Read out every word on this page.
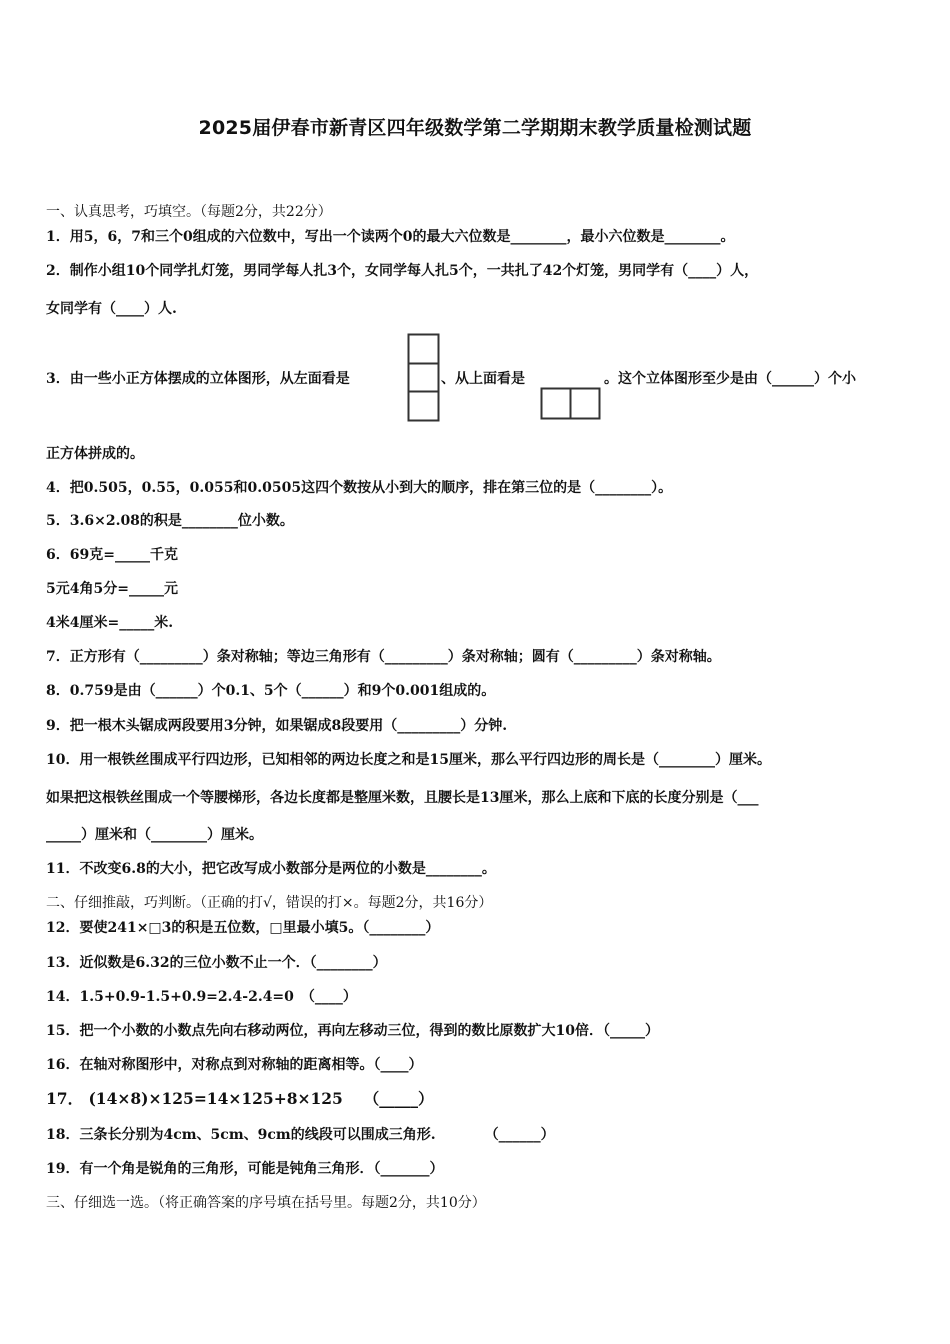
2025届伊春市新青区四年级数学第二学期期末教学质量检测试题
一、认真思考，巧填空。（每题2分，共22分）
1．用5，6，7和三个0组成的六位数中，写出一个读两个0的最大六位数是________，最小六位数是________。
2．制作小组10个同学扎灯笼，男同学每人扎3个，女同学每人扎5个，一共扎了42个灯笼，男同学有（____）人，
女同学有（____）人.
3．由一些小正方体摆成的立体图形，从左面看是	、从上面看是	。这个立体图形至少是由（______）个小
正方体拼成的。
4．把0.505，0.55，0.055和0.0505这四个数按从小到大的顺序，排在第三位的是（________）。
5．3.6×2.08的积是________位小数。
6．69克=_____千克
5元4角5分=_____元
4米4厘米=_____米.
7．正方形有（_________）条对称轴；等边三角形有（_________）条对称轴；圆有（_________）条对称轴。
8．0.759是由（______）个0.1、5个（______）和9个0.001组成的。
9．把一根木头锯成两段要用3分钟，如果锯成8段要用（_________）分钟.
10．用一根铁丝围成平行四边形，已知相邻的两边长度之和是15厘米，那么平行四边形的周长是（________）厘米。
如果把这根铁丝围成一个等腰梯形，各边长度都是整厘米数，且腰长是13厘米，那么上底和下底的长度分别是（___
_____）厘米和（________）厘米。
11．不改变6.8的大小，把它改写成小数部分是两位的小数是________。
二、仔细推敲，巧判断。（正确的打√，错误的打×。每题2分，共16分）
12．要使241×□3的积是五位数，□里最小填5。（________）
13．近似数是6.32的三位小数不止一个．（________）
14．1.5+0.9-1.5+0.9=2.4-2.4=0　（____）
15．把一个小数的小数点先向右移动两位，再向左移动三位，得到的数比原数扩大10倍．（_____）
16．在轴对称图形中，对称点到对称轴的距离相等。（____）
17． (14×8)×125=14×125+8×125　 （_____）
18．三条长分别为4cm、5cm、9cm的线段可以围成三角形.　　　　（______）
19．有一个角是锐角的三角形，可能是钝角三角形．（_______）
三、仔细选一选。（将正确答案的序号填在括号里。每题2分，共10分）
